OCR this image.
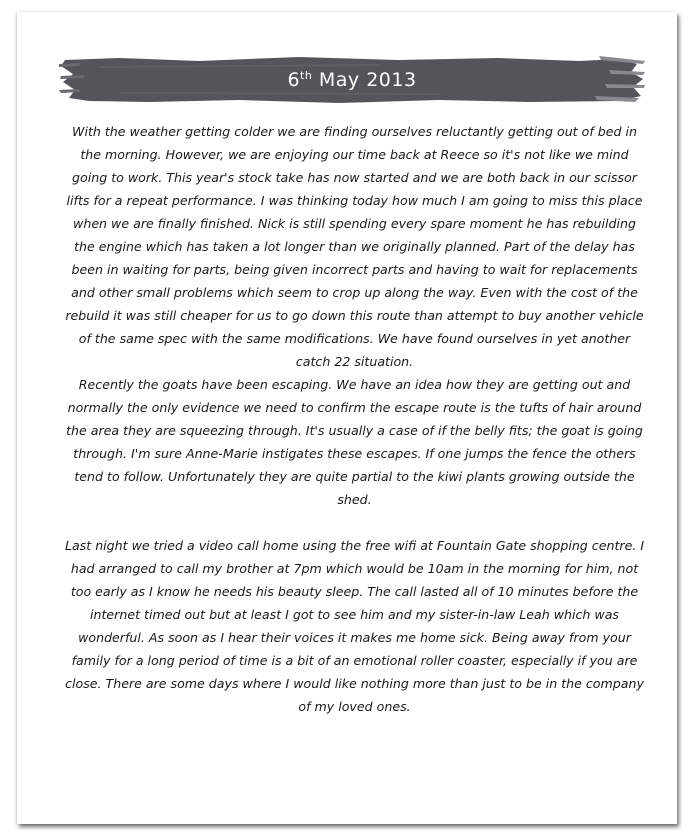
6th May 2013

With the weather getting colder we are finding ourselves reluctantly getting out of bed in the morning. However, we are enjoying our time back at Reece so it's not like we mind going to work. This year's stock take has now started and we are both back in our scissor lifts for a repeat performance. I was thinking today how much I am going to miss this place when we are finally finished. Nick is still spending every spare moment he has rebuilding the engine which has taken a lot longer than we originally planned. Part of the delay has been in waiting for parts, being given incorrect parts and having to wait for replacements and other small problems which seem to crop up along the way. Even with the cost of the rebuild it was still cheaper for us to go down this route than attempt to buy another vehicle of the same spec with the same modifications. We have found ourselves in yet another catch 22 situation.

Recently the goats have been escaping. We have an idea how they are getting out and normally the only evidence we need to confirm the escape route is the tufts of hair around the area they are squeezing through. It's usually a case of if the belly fits; the goat is going through. I'm sure Anne-Marie instigates these escapes. If one jumps the fence the others tend to follow. Unfortunately they are quite partial to the kiwi plants growing outside the shed.

Last night we tried a video call home using the free wifi at Fountain Gate shopping centre. I had arranged to call my brother at 7pm which would be 10am in the morning for him, not too early as I know he needs his beauty sleep. The call lasted all of 10 minutes before the internet timed out but at least I got to see him and my sister-in-law Leah which was wonderful. As soon as I hear their voices it makes me home sick. Being away from your family for a long period of time is a bit of an emotional roller coaster, especially if you are close. There are some days where I would like nothing more than just to be in the company of my loved ones.
